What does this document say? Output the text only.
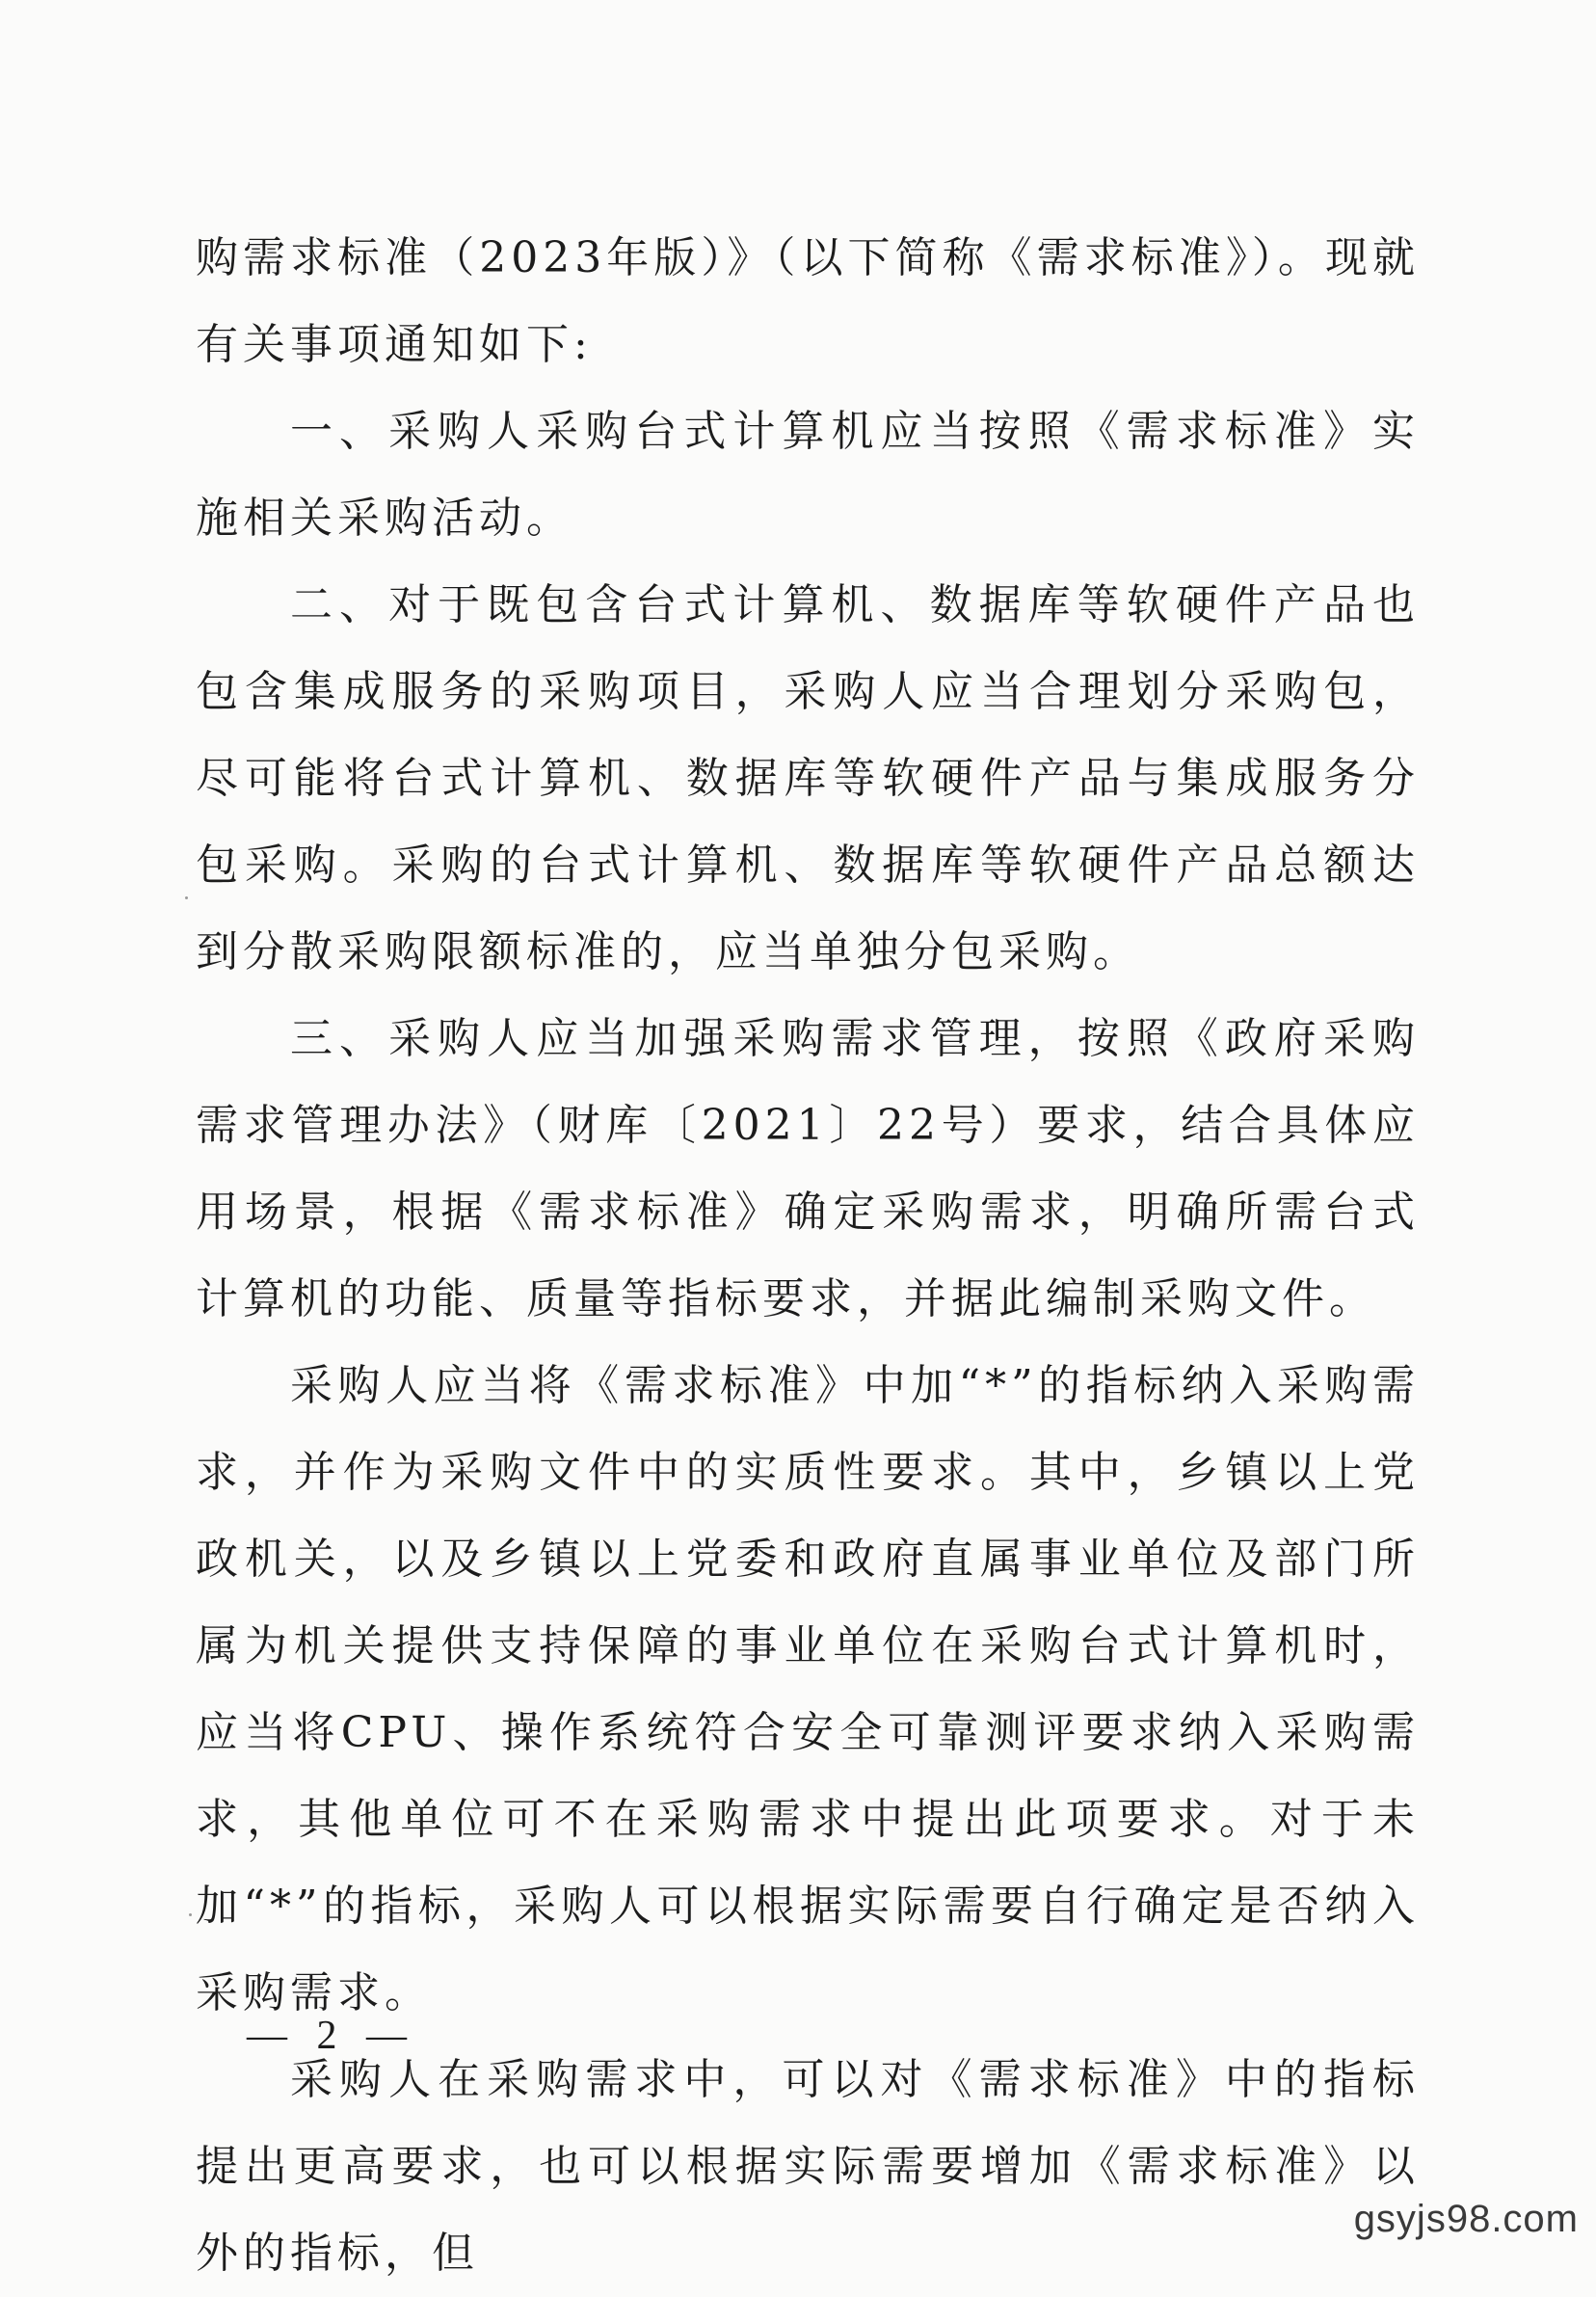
购需求标准（2023年版）》（以下简称《需求标准》）。现就有关事项通知如下:

一、采购人采购台式计算机应当按照《需求标准》实施相关采购活动。

二、对于既包含台式计算机、数据库等软硬件产品也包含集成服务的采购项目，采购人应当合理划分采购包，尽可能将台式计算机、数据库等软硬件产品与集成服务分包采购。采购的台式计算机、数据库等软硬件产品总额达到分散采购限额标准的，应当单独分包采购。

三、采购人应当加强采购需求管理，按照《政府采购需求管理办法》（财库〔2021〕22号）要求，结合具体应用场景，根据《需求标准》确定采购需求，明确所需台式计算机的功能、质量等指标要求，并据此编制采购文件。

采购人应当将《需求标准》中加“*”的指标纳入采购需求，并作为采购文件中的实质性要求。其中，乡镇以上党政机关，以及乡镇以上党委和政府直属事业单位及部门所属为机关提供支持保障的事业单位在采购台式计算机时，应当将CPU、操作系统符合安全可靠测评要求纳入采购需求，其他单位可不在采购需求中提出此项要求。对于未加“*”的指标，采购人可以根据实际需要自行确定是否纳入采购需求。

采购人在采购需求中，可以对《需求标准》中的指标提出更高要求，也可以根据实际需要增加《需求标准》以外的指标，但

— 2 —
gsyjs98.com
